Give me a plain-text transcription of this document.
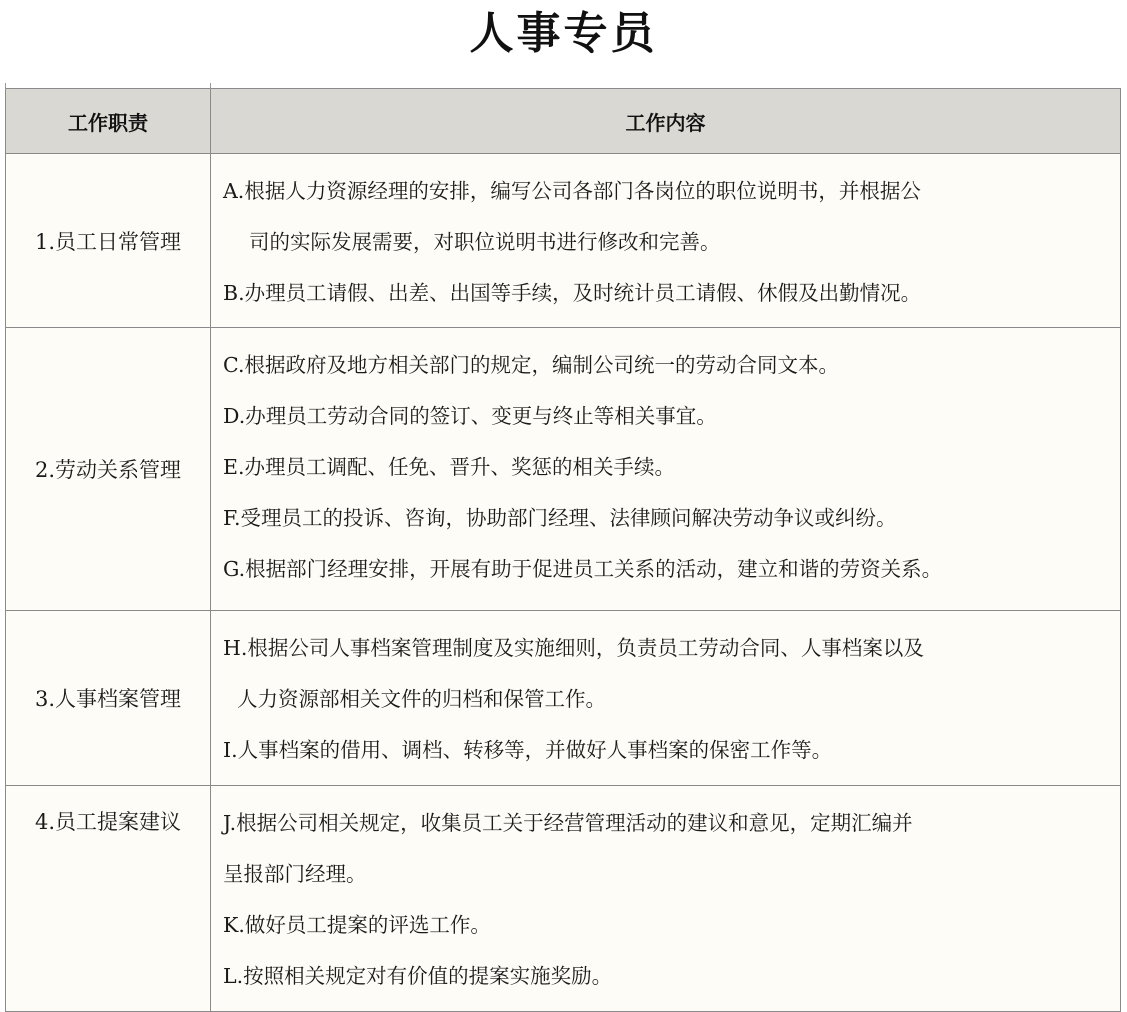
人事专员
工作职责	工作内容
1.员工日常管理	A.根据人力资源经理的安排，编写公司各部门各岗位的职位说明书，并根据公
司的实际发展需要，对职位说明书进行修改和完善。
B.办理员工请假、出差、出国等手续，及时统计员工请假、休假及出勤情况。

2.劳动关系管理	C.根据政府及地方相关部门的规定，编制公司统一的劳动合同文本。
D.办理员工劳动合同的签订、变更与终止等相关事宜。
E.办理员工调配、任免、晋升、奖惩的相关手续。
F.受理员工的投诉、咨询，协助部门经理、法律顾问解决劳动争议或纠纷。
G.根据部门经理安排，开展有助于促进员工关系的活动，建立和谐的劳资关系。

3.人事档案管理	H.根据公司人事档案管理制度及实施细则，负责员工劳动合同、人事档案以及
人力资源部相关文件的归档和保管工作。
I.人事档案的借用、调档、转移等，并做好人事档案的保密工作等。

4.员工提案建议	J.根据公司相关规定，收集员工关于经营管理活动的建议和意见，定期汇编并
呈报部门经理。
K.做好员工提案的评选工作。
L.按照相关规定对有价值的提案实施奖励。
